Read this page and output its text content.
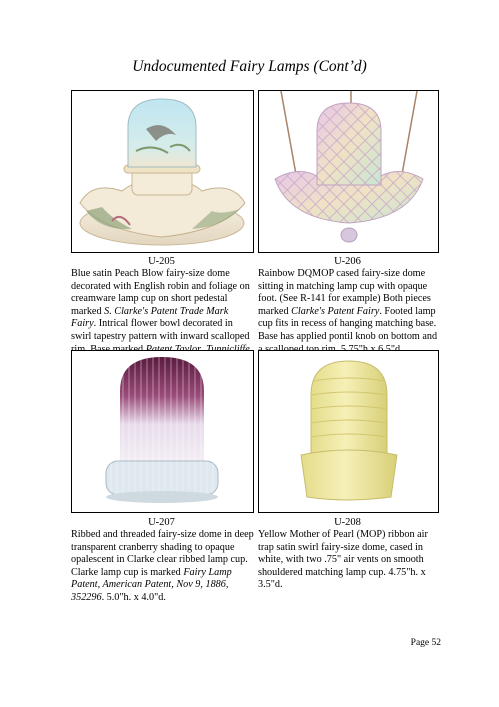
Undocumented Fairy Lamps (Cont’d)
U-205	U-206
Blue satin Peach Blow fairy-size dome decorated with English robin and foliage on creamware lamp cup on short pedestal marked S. Clarke's Patent Trade Mark Fairy. Intrical flower bowl decorated in swirl tapestry pattern with inward scalloped
Rainbow DQMOP cased fairy-size dome sitting in matching lamp cup with opaque foot. (See R-141 for example) Both pieces marked Clarke's Patent Fairy. Footed lamp cup fits in recess of hanging matching base. Base has applied pontil knob on bottom and
U-207	U-208
Ribbed and threaded fairy-size dome in deep transparent cranberry shading to opaque opalescent in Clarke clear ribbed lamp cup. Clarke lamp cup is marked Fairy Lamp Patent, American Patent, Nov 9, 1886, 352296. 5.0"h. x 4.0"d.
Yellow Mother of Pearl (MOP) ribbon air trap satin swirl fairy-size dome, cased in white, with two .75" air vents on smooth shouldered matching lamp cup. 4.75"h. x 3.5"d.
Page 52
